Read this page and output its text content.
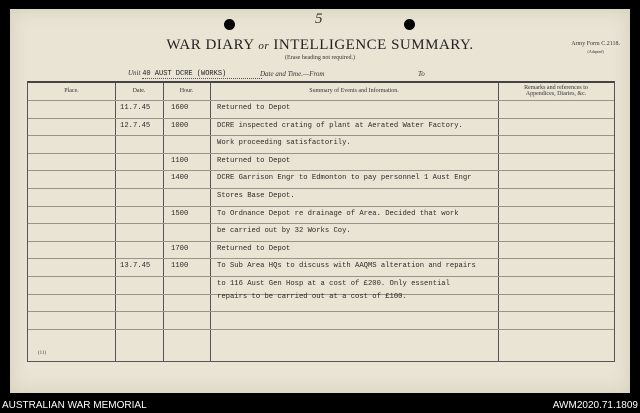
5
Army Form C.2118.
(Adapted)
WAR DIARY or INTELLIGENCE SUMMARY.
(Erase heading not required.)
Unit 40 AUST DCRE (WORKS)	Date and Time.—From	To
Place.	Date.	Hour.	Summary of Events and Information.	Remarks and references to
Appendices, Diaries, &c.
11.7.45	1600	Returned to Depot
12.7.45	1000	DCRE inspected crating of plant at Aerated Water Factory.
Work proceeding satisfactorily.
1100	Returned to Depot
1400	DCRE Garrison Engr to Edmonton to pay personnel 1 Aust Engr
Stores Base Depot.
1500	To Ordnance Depot re drainage of Area. Decided that work
be carried out by 32 Works Coy.
1700	Returned to Depot
13.7.45	1100	To Sub Area HQs to discuss with AAQMS alteration and repairs
to 116 Aust Gen Hosp at a cost of £200. Only essential
repairs to be carried out at a cost of £100.
(11)
AUSTRALIAN WAR MEMORIAL	AWM2020.71.1809
